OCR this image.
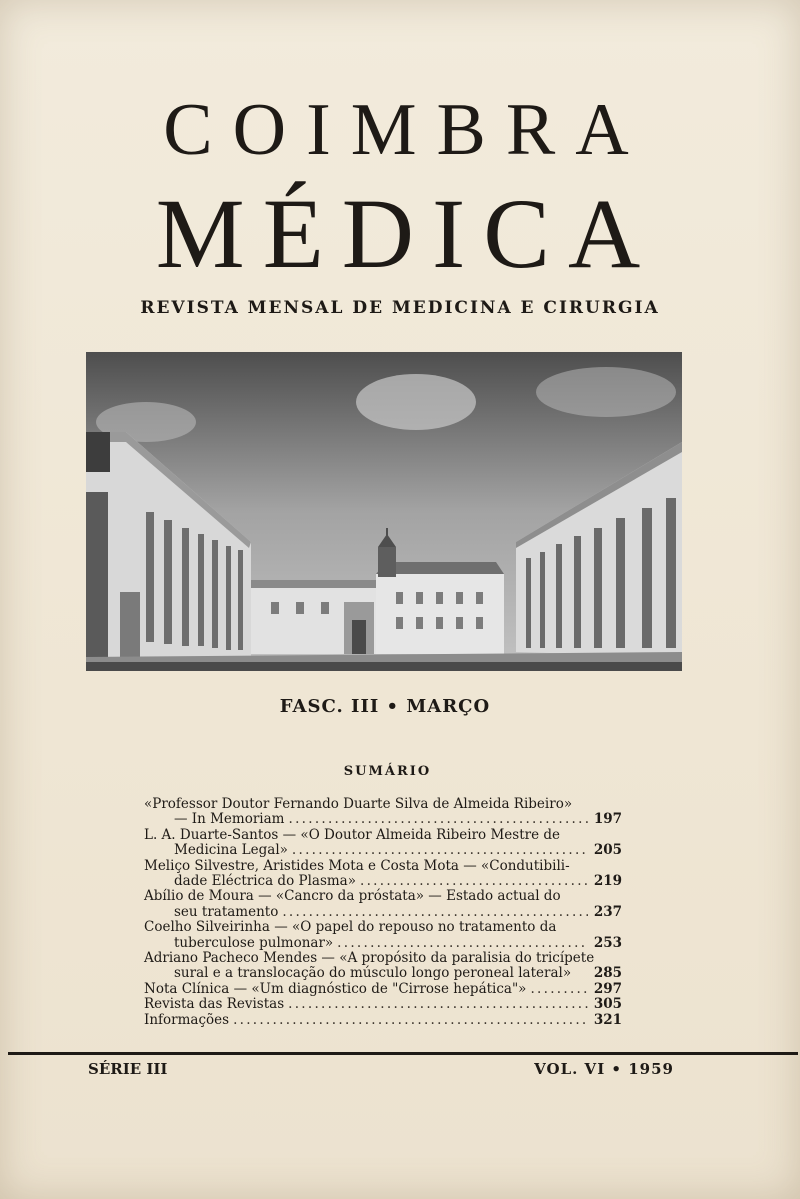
COIMBRA
MÉDICA
REVISTA MENSAL DE MEDICINA E CIRURGIA
FASC. III • MARÇO
SUMÁRIO
«Professor Doutor Fernando Duarte Silva de Almeida Ribeiro»
— In Memoriam . . .	197
L. A. Duarte-Santos — «O Doutor Almeida Ribeiro Mestre de
Medicina Legal» . . .	205
Meliço Silvestre, Aristides Mota e Costa Mota — «Condutibili-
dade Eléctrica do Plasma» . . .	219
Abílio de Moura — «Cancro da próstata» — Estado actual do
seu tratamento . . .	237
Coelho Silveirinha — «O papel do repouso no tratamento da
tuberculose pulmonar» . . .	253
Adriano Pacheco Mendes — «A propósito da paralisia do tricípete
sural e a translocação do músculo longo peroneal lateral» 285
Nota Clínica — «Um diagnóstico de "Cirrose hepática"» . . .	297
Revista das Revistas . . .	305
Informações . . .	321
SÉRIE III	VOL. VI • 1959
